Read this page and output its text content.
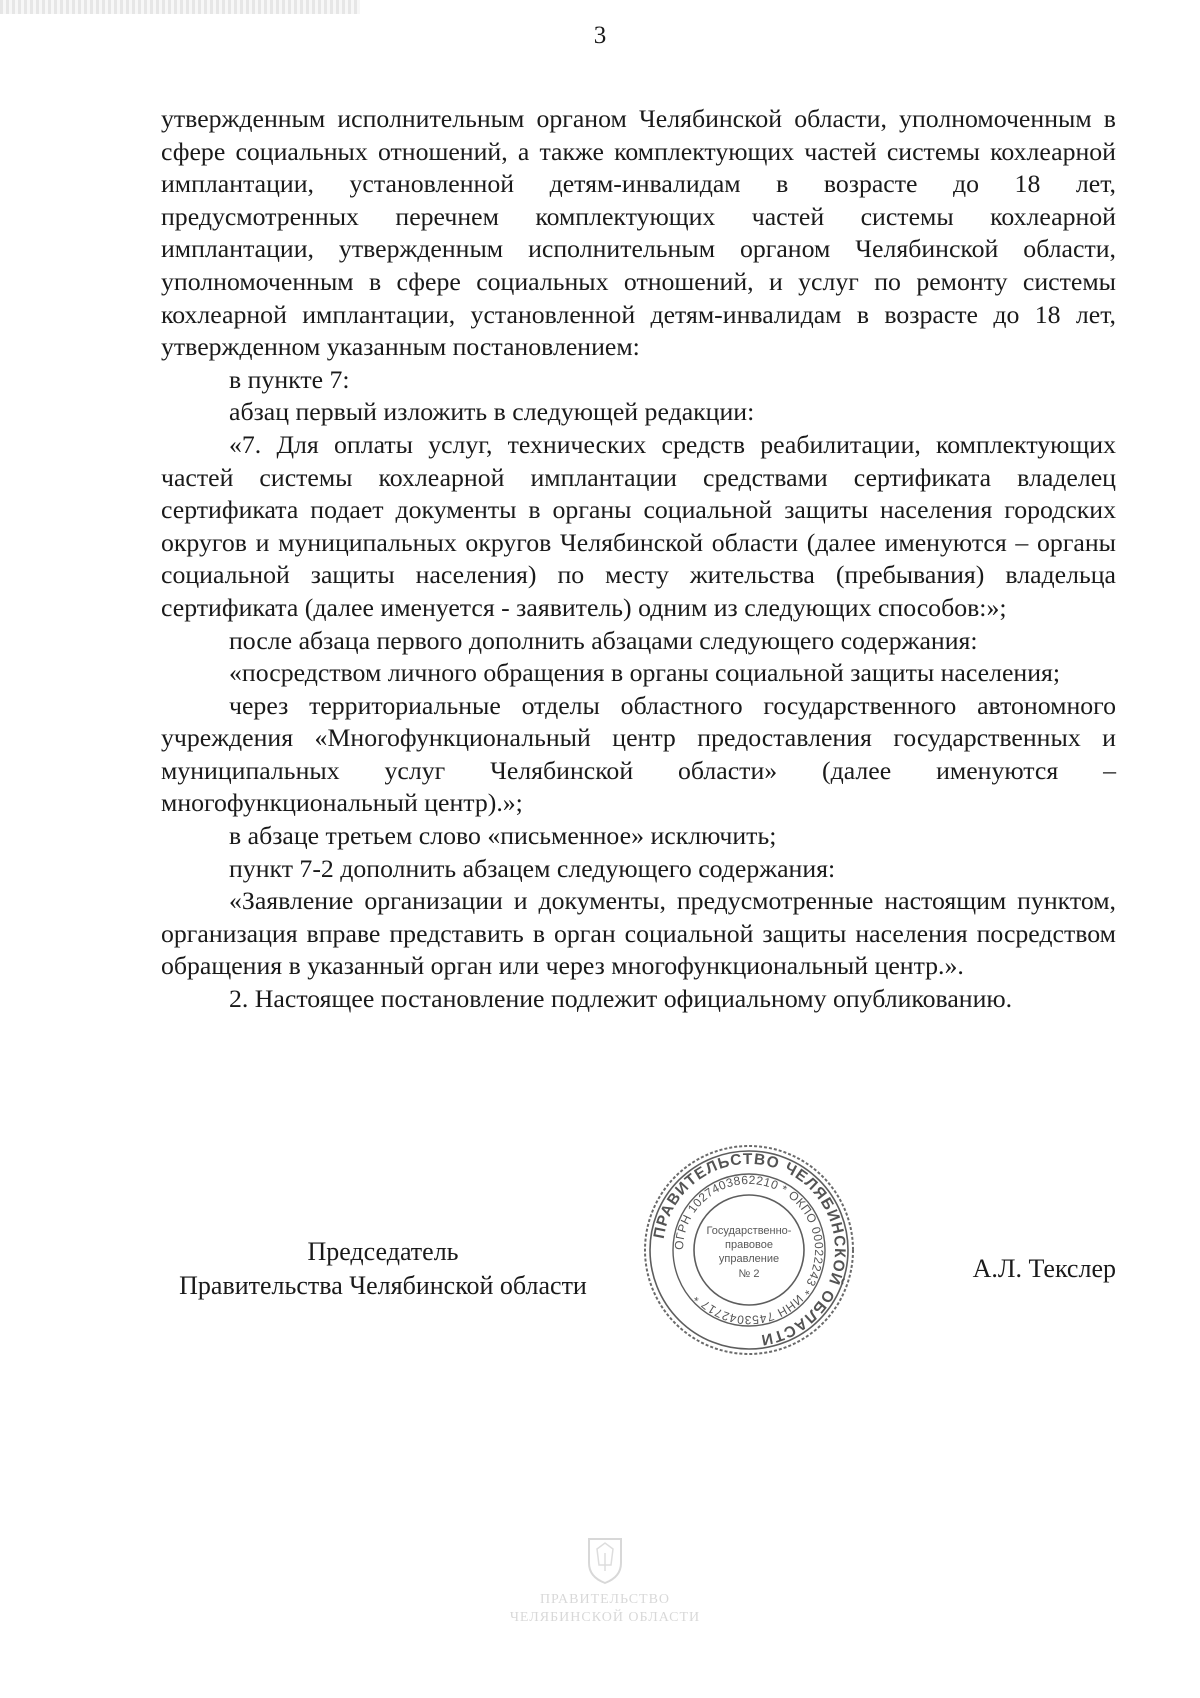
3

утвержденным исполнительным органом Челябинской области, уполномоченным в сфере социальных отношений, а также комплектующих частей системы кохлеарной имплантации, установленной детям-инвалидам в возрасте до 18 лет, предусмотренных перечнем комплектующих частей системы кохлеарной имплантации, утвержденным исполнительным органом Челябинской области, уполномоченным в сфере социальных отношений, и услуг по ремонту системы кохлеарной имплантации, установленной детям-инвалидам в возрасте до 18 лет, утвержденном указанным постановлением:

в пункте 7:

абзац первый изложить в следующей редакции:

«7. Для оплаты услуг, технических средств реабилитации, комплектующих частей системы кохлеарной имплантации средствами сертификата владелец сертификата подает документы в органы социальной защиты населения городских округов и муниципальных округов Челябинской области (далее именуются – органы социальной защиты населения) по месту жительства (пребывания) владельца сертификата (далее именуется - заявитель) одним из следующих способов:»;

после абзаца первого дополнить абзацами следующего содержания:

«посредством личного обращения в органы социальной защиты населения;

через территориальные отделы областного государственного автономного учреждения «Многофункциональный центр предоставления государственных и муниципальных услуг Челябинской области» (далее именуются – многофункциональный центр).»;

в абзаце третьем слово «письменное» исключить;

пункт 7-2 дополнить абзацем следующего содержания:

«Заявление организации и документы, предусмотренные настоящим пунктом, организация вправе представить в орган социальной защиты населения посредством обращения в указанный орган или через многофункциональный центр.».

2. Настоящее постановление подлежит официальному опубликованию.

Председатель
Правительства Челябинской области
А.Л. Текслер
ПРАВИТЕЛЬСТВО ЧЕЛЯБИНСКОЙ ОБЛАСТИ
ОГРН 1027403862210 * ОКПО 00022243 * ИНН 7453042717 *
Государственно-
правовое
управление
№ 2
ПРАВИТЕЛЬСТВО
ЧЕЛЯБИНСКОЙ ОБЛАСТИ
